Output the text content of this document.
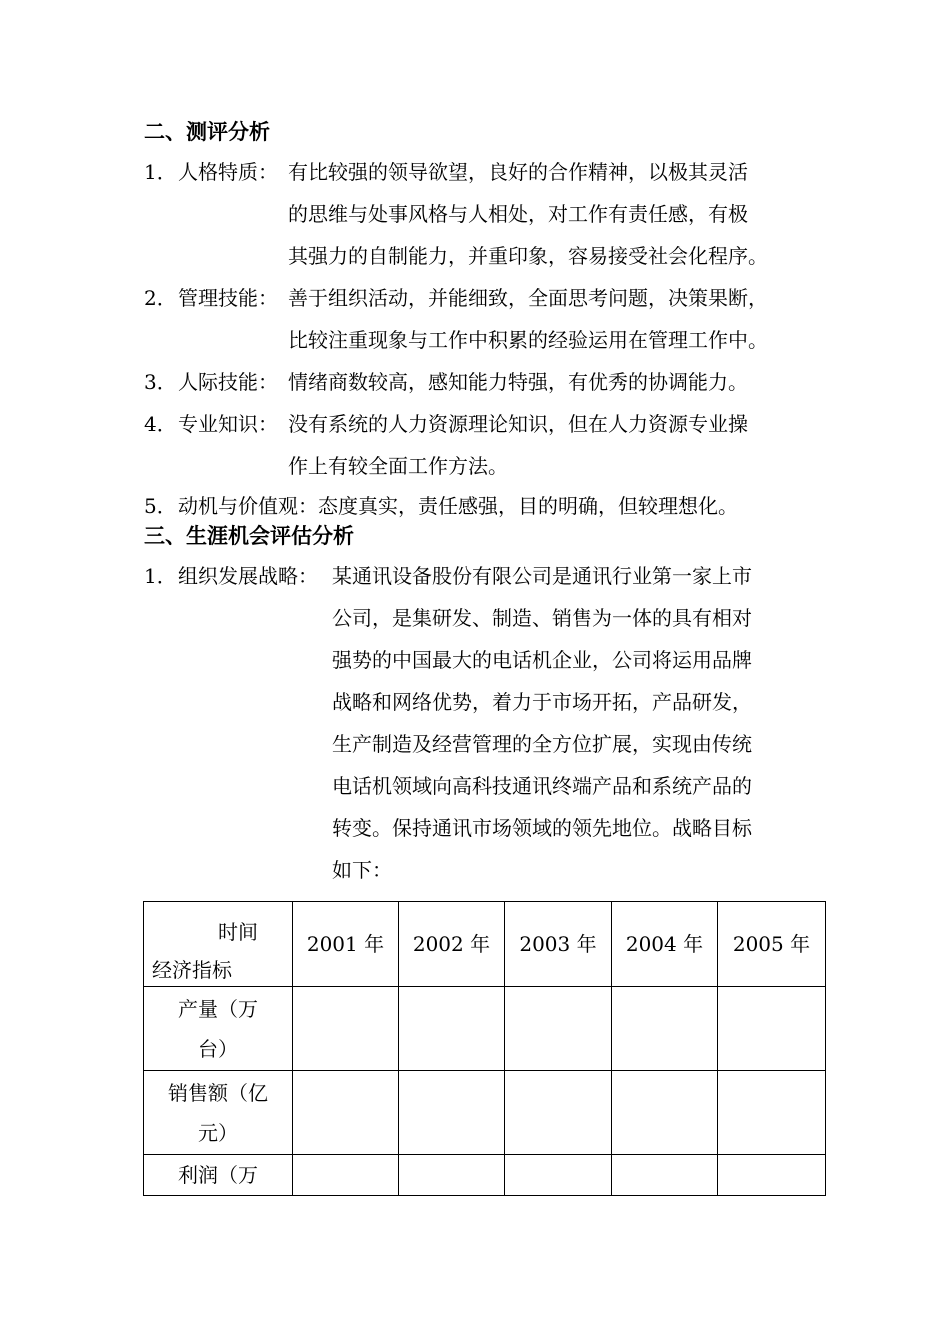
二、测评分析
1． 人格特质： 有比较强的领导欲望，良好的合作精神，以极其灵活
的思维与处事风格与人相处，对工作有责任感，有极
其强力的自制能力，并重印象，容易接受社会化程序。
2． 管理技能： 善于组织活动，并能细致，全面思考问题，决策果断，
比较注重现象与工作中积累的经验运用在管理工作中。
3． 人际技能： 情绪商数较高，感知能力特强，有优秀的协调能力。
4． 专业知识： 没有系统的人力资源理论知识，但在人力资源专业操
作上有较全面工作方法。
5． 动机与价值观： 态度真实，责任感强，目的明确，但较理想化。
三、生涯机会评估分析
1． 组织发展战略： 某通讯设备股份有限公司是通讯行业第一家上市
公司，是集研发、制造、销售为一体的具有相对
强势的中国最大的电话机企业，公司将运用品牌
战略和网络优势，着力于市场开拓，产品研发，
生产制造及经营管理的全方位扩展，实现由传统
电话机领域向高科技通讯终端产品和系统产品的
转变。保持通讯市场领域的领先地位。战略目标
如下：
时间
经济指标	2001 年	2002 年	2003 年	2004 年	2005 年

产量（万
台）					

销售额（亿
元）					

利润（万					
